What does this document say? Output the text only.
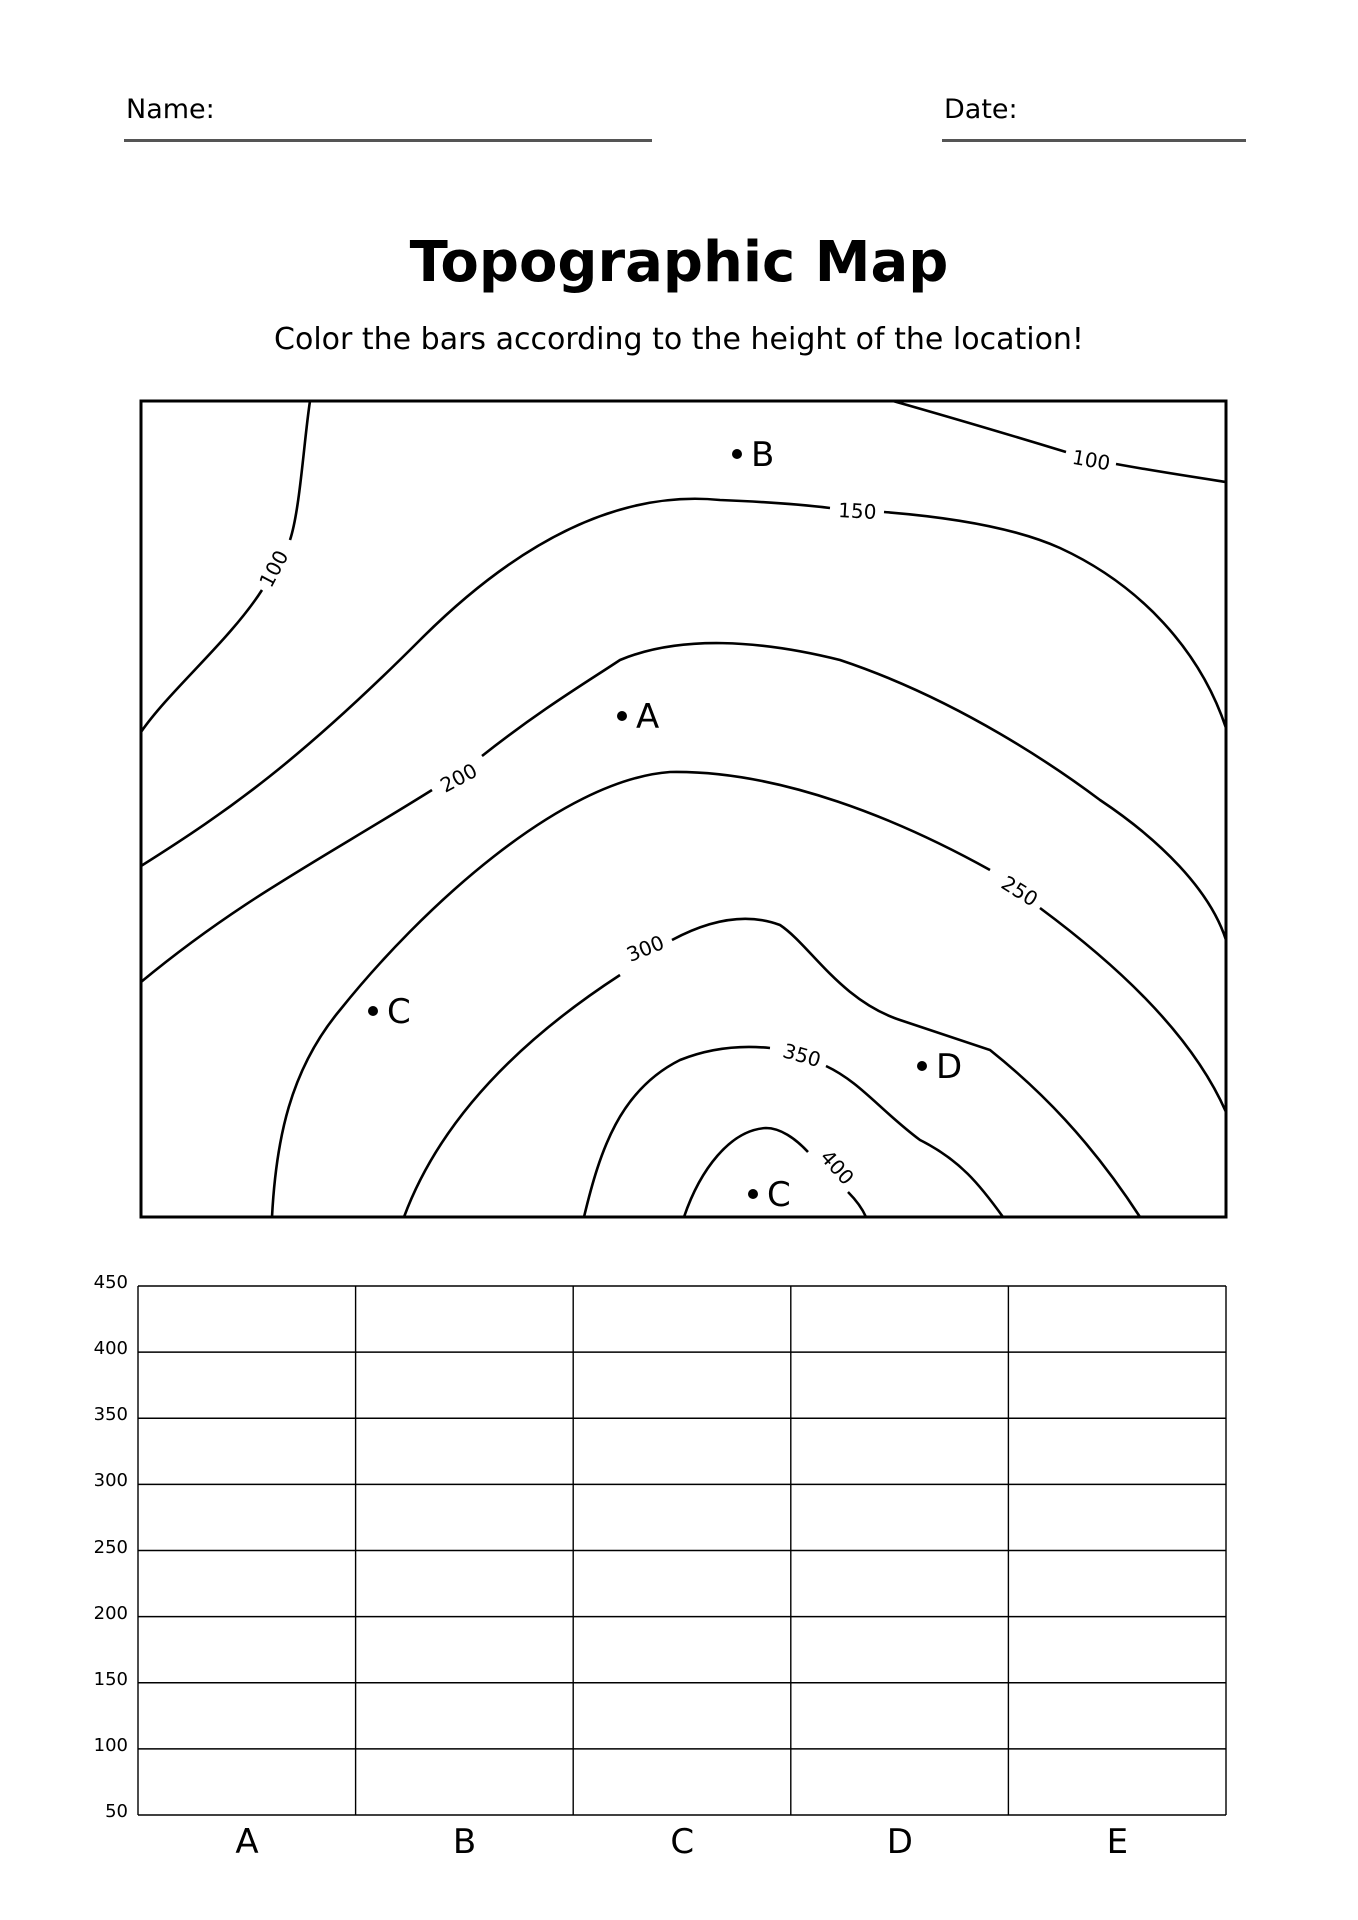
Name:	Date:
Topographic Map
Color the bars according to the height of the location!
100
100
150
200
250
300
350
400
A
B
C
D
C
450
400
350
300
250
200
150
100
50
A	B	C	D	E
